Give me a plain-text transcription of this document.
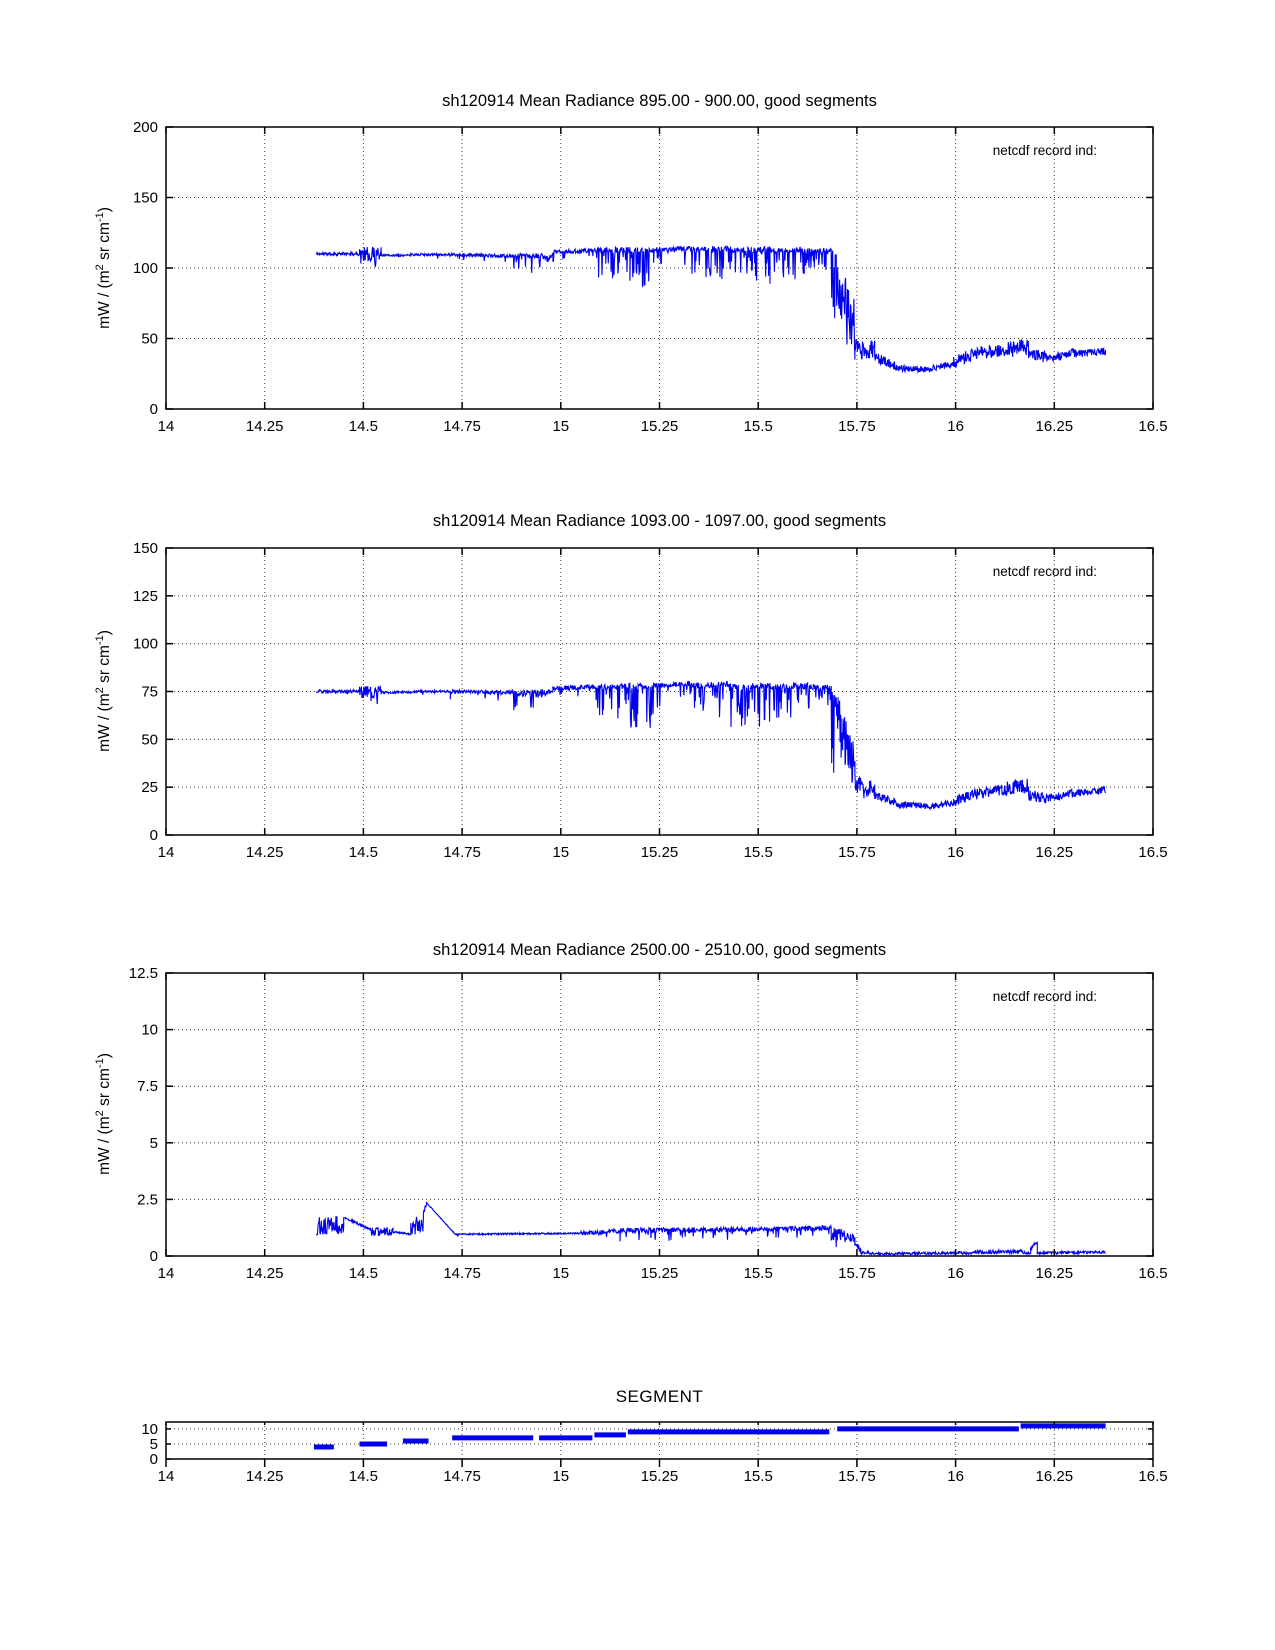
14	14.25	14.5	14.75	15	15.25	15.5	15.75	16	16.25	16.5
0
50
100
150
200
14	14.25	14.5	14.75	15	15.25	15.5	15.75	16	16.25	16.5
0
25
50
75
100
125
150
14	14.25	14.5	14.75	15	15.25	15.5	15.75	16	16.25	16.5
0
2.5
5
7.5
10
12.5
14	14.25	14.5	14.75	15	15.25	15.5	15.75	16	16.25	16.5
0
5
10
sh120914 Mean Radiance 895.00 - 900.00, good segments
sh120914 Mean Radiance 1093.00 - 1097.00, good segments
sh120914 Mean Radiance 2500.00 - 2510.00, good segments
SEGMENT
netcdf record ind:
netcdf record ind:
netcdf record ind:
mW / ($m^2$ sr $cm^{-1}$)
mW / ($m^2$ sr $cm^{-1}$)
mW / ($m^2$ sr $cm^{-1}$)
